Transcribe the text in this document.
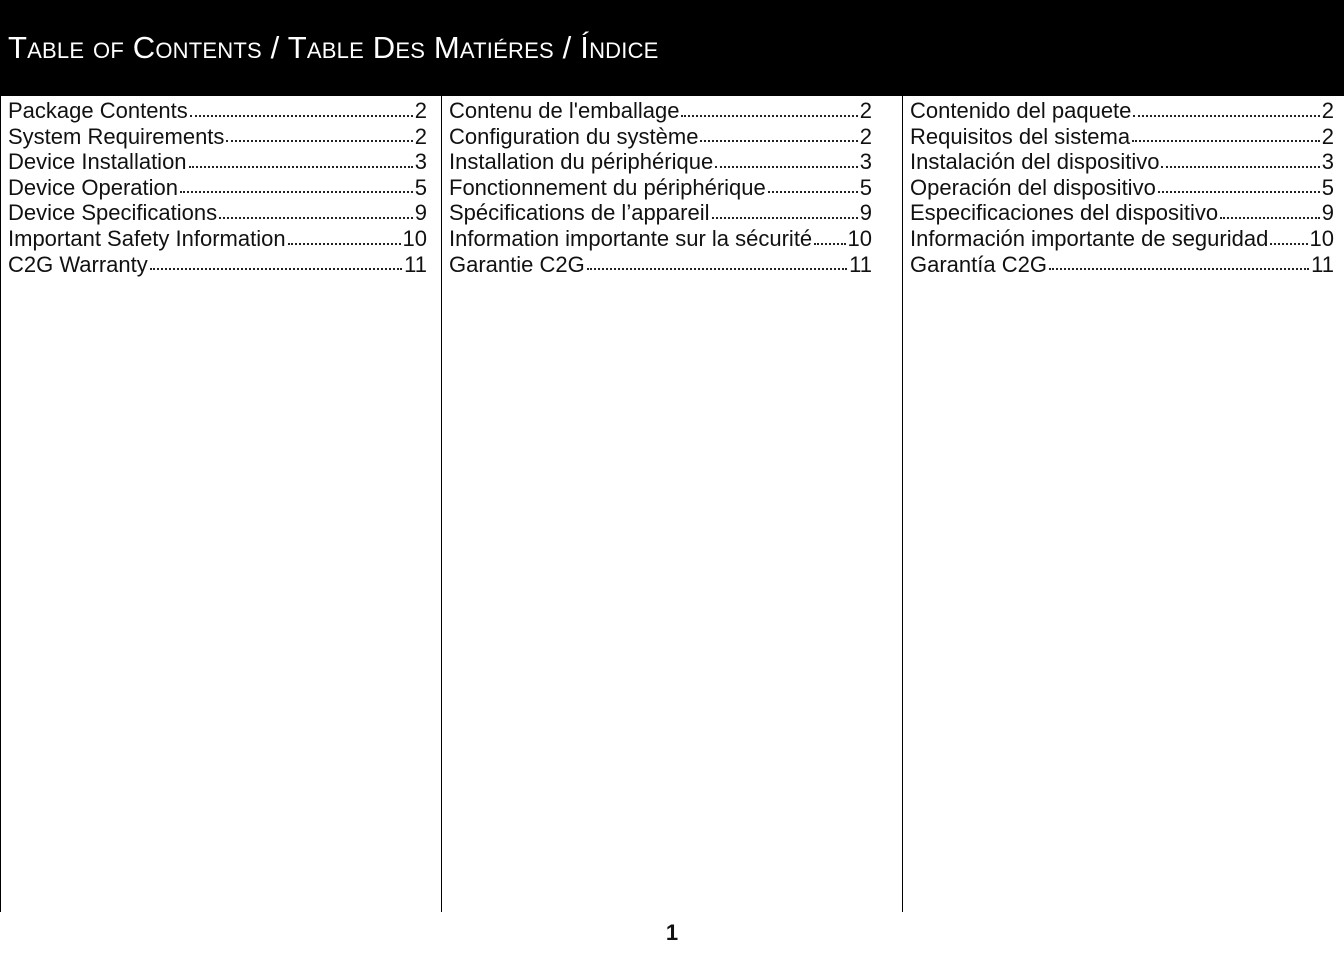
Table of Contents / Table Des Matiéres / Índice
Package Contents	2
System Requirements	2
Device Installation	3
Device Operation	5
Device Specifications	9
Important Safety Information	10
C2G Warranty	11
Contenu de l'emballage	2
Configuration du système	2
Installation du périphérique	3
Fonctionnement du périphérique	5
Spécifications de l’appareil	9
Information importante sur la sécurité 10
Garantie C2G	11
Contenido del paquete	2
Requisitos del sistema	2
Instalación del dispositivo	3
Operación del dispositivo	5
Especificaciones del dispositivo	9
Información importante de seguridad 10
Garantía C2G	11

1
